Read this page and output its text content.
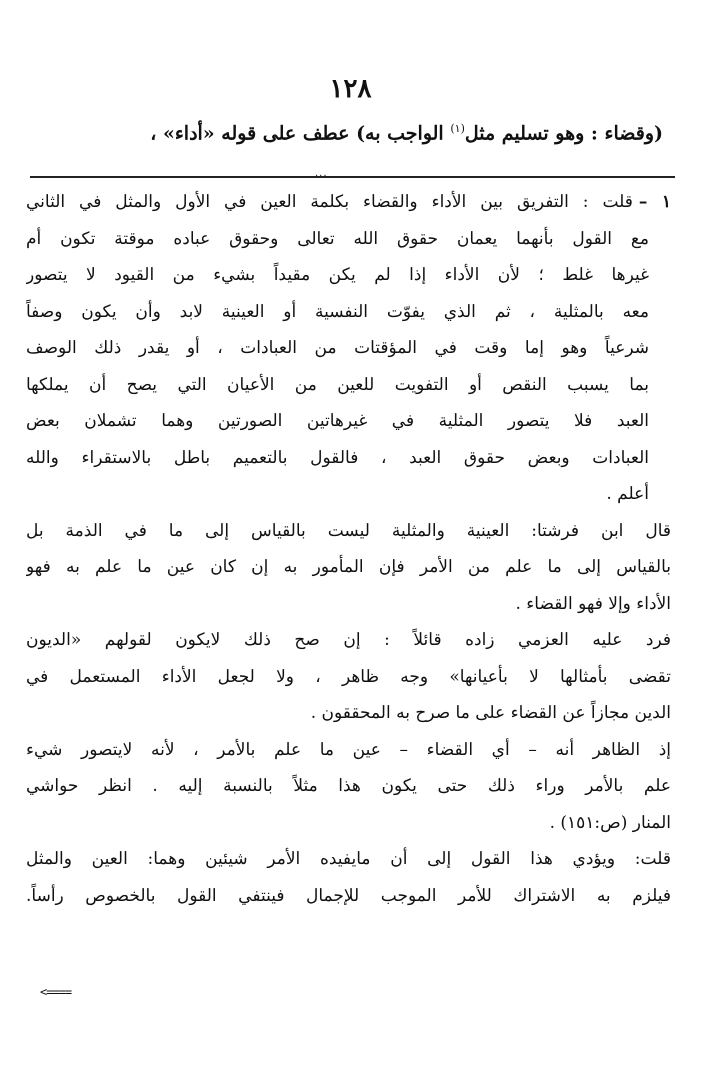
١٢٨
(وقضاء : وهو تسليم مثل$^{(١)}$ الواجب به) عطف على قوله «أداء» ،
...
١ –قلت : التفريق بين الأداء والقضاء بكلمة العين في الأول والمثل في الثاني
مع القول بأنهما يعمان حقوق الله تعالى وحقوق عباده موقتة تكون أم
غيرها غلط ؛ لأن الأداء إذا لم يكن مقيداً بشيء من القيود لا يتصور
معه بالمثلية ، ثم الذي يفوّت النفسية أو العينية لابد وأن يكون وصفاً
شرعياً وهو إما وقت في المؤقتات من العبادات ، أو يقدر ذلك الوصف
بما يسبب النقص أو التفويت للعين من الأعيان التي يصح أن يملكها
العبد فلا يتصور المثلية في غيرهاتين الصورتين وهما تشملان بعض
العبادات وبعض حقوق العبد ، فالقول بالتعميم باطل بالاستقراء والله
أعلم .
قال ابن فرشتا: العينية والمثلية ليست بالقياس إلى ما في الذمة بل
بالقياس إلى ما علم من الأمر فإن المأمور به إن كان عين ما علم به فهو
الأداء وإلا فهو القضاء .
فرد عليه العزمي زاده قائلاً : إن صح ذلك لايكون لقولهم «الديون
تقضى بأمثالها لا بأعيانها» وجه ظاهر ، ولا لجعل الأداء المستعمل في
الدين مجازاً عن القضاء على ما صرح به المحققون .
إذ الظاهر أنه – أي القضاء – عين ما علم بالأمر ، لأنه لايتصور شيء
علم بالأمر وراء ذلك حتى يكون هذا مثلاً بالنسبة إليه . انظر حواشي
المنار (ص:١٥١) .
قلت: ويؤدي هذا القول إلى أن مايفيده الأمر شيئين وهما: العين والمثل
فيلزم به الاشتراك للأمر الموجب للإجمال فينتفي القول بالخصوص رأساً.
<====
